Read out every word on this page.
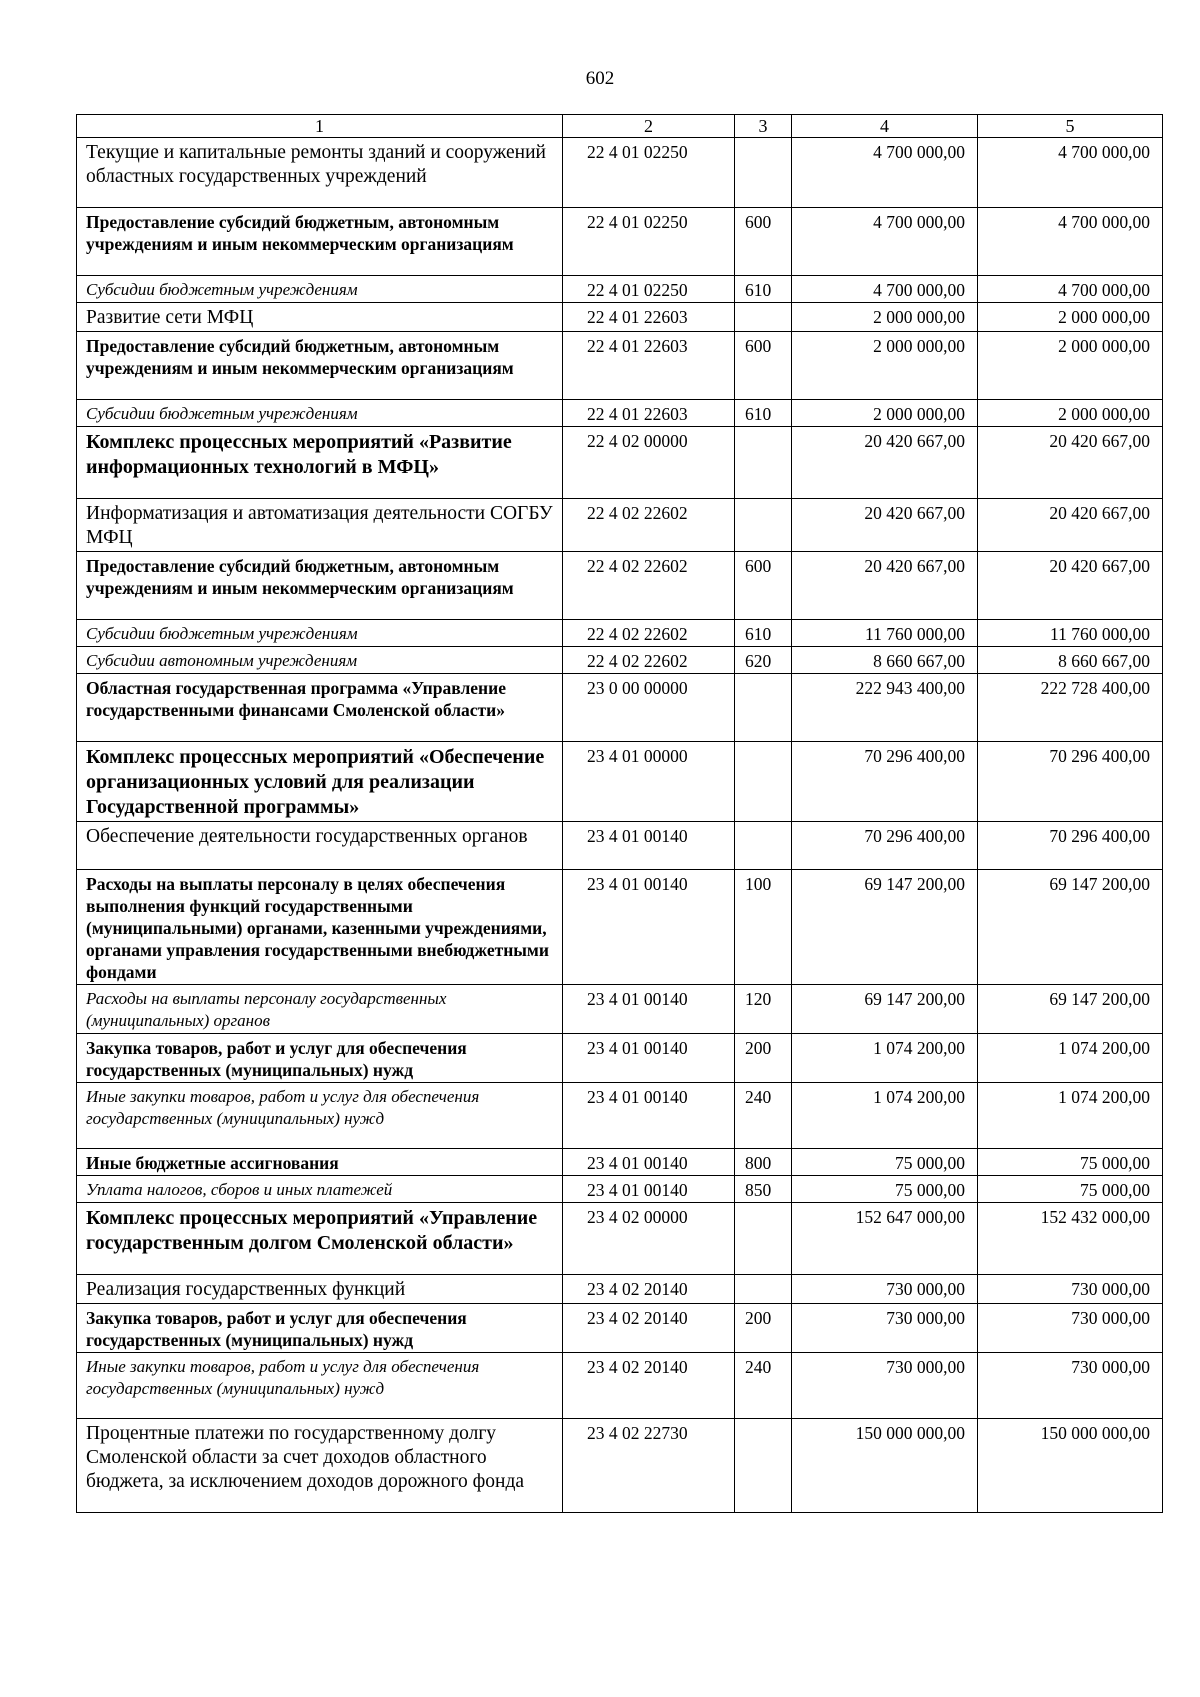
602
1	2	3	4	5
Текущие и капитальные ремонты зданий и сооружений областных государственных учреждений	22 4 01 02250		4 700 000,00	4 700 000,00
Предоставление субсидий бюджетным, автономным учреждениям и иным некоммерческим организациям	22 4 01 02250	600	4 700 000,00	4 700 000,00
Субсидии бюджетным учреждениям	22 4 01 02250	610	4 700 000,00	4 700 000,00
Развитие сети МФЦ	22 4 01 22603		2 000 000,00	2 000 000,00
Предоставление субсидий бюджетным, автономным учреждениям и иным некоммерческим организациям	22 4 01 22603	600	2 000 000,00	2 000 000,00
Субсидии бюджетным учреждениям	22 4 01 22603	610	2 000 000,00	2 000 000,00
Комплекс процессных мероприятий «Развитие информационных технологий в МФЦ»	22 4 02 00000		20 420 667,00	20 420 667,00
Информатизация и автоматизация деятельности СОГБУ МФЦ	22 4 02 22602		20 420 667,00	20 420 667,00
Предоставление субсидий бюджетным, автономным учреждениям и иным некоммерческим организациям	22 4 02 22602	600	20 420 667,00	20 420 667,00
Субсидии бюджетным учреждениям	22 4 02 22602	610	11 760 000,00	11 760 000,00
Субсидии автономным учреждениям	22 4 02 22602	620	8 660 667,00	8 660 667,00
Областная государственная программа «Управление государственными финансами Смоленской области»	23 0 00 00000		222 943 400,00	222 728 400,00
Комплекс процессных мероприятий «Обеспечение организационных условий для реализации Государственной программы»	23 4 01 00000		70 296 400,00	70 296 400,00
Обеспечение деятельности государственных органов	23 4 01 00140		70 296 400,00	70 296 400,00
Расходы на выплаты персоналу в целях обеспечения выполнения функций государственными (муниципальными) органами, казенными учреждениями, органами управления государственными внебюджетными фондами	23 4 01 00140	100	69 147 200,00	69 147 200,00
Расходы на выплаты персоналу государственных (муниципальных) органов	23 4 01 00140	120	69 147 200,00	69 147 200,00
Закупка товаров, работ и услуг для обеспечения государственных (муниципальных) нужд	23 4 01 00140	200	1 074 200,00	1 074 200,00
Иные закупки товаров, работ и услуг для обеспечения государственных (муниципальных) нужд	23 4 01 00140	240	1 074 200,00	1 074 200,00
Иные бюджетные ассигнования	23 4 01 00140	800	75 000,00	75 000,00
Уплата налогов, сборов и иных платежей	23 4 01 00140	850	75 000,00	75 000,00
Комплекс процессных мероприятий «Управление государственным долгом Смоленской области»	23 4 02 00000		152 647 000,00	152 432 000,00
Реализация государственных функций	23 4 02 20140		730 000,00	730 000,00
Закупка товаров, работ и услуг для обеспечения государственных (муниципальных) нужд	23 4 02 20140	200	730 000,00	730 000,00
Иные закупки товаров, работ и услуг для обеспечения государственных (муниципальных) нужд	23 4 02 20140	240	730 000,00	730 000,00
Процентные платежи по государственному долгу Смоленской области за счет доходов областного бюджета, за исключением доходов дорожного фонда	23 4 02 22730		150 000 000,00	150 000 000,00
